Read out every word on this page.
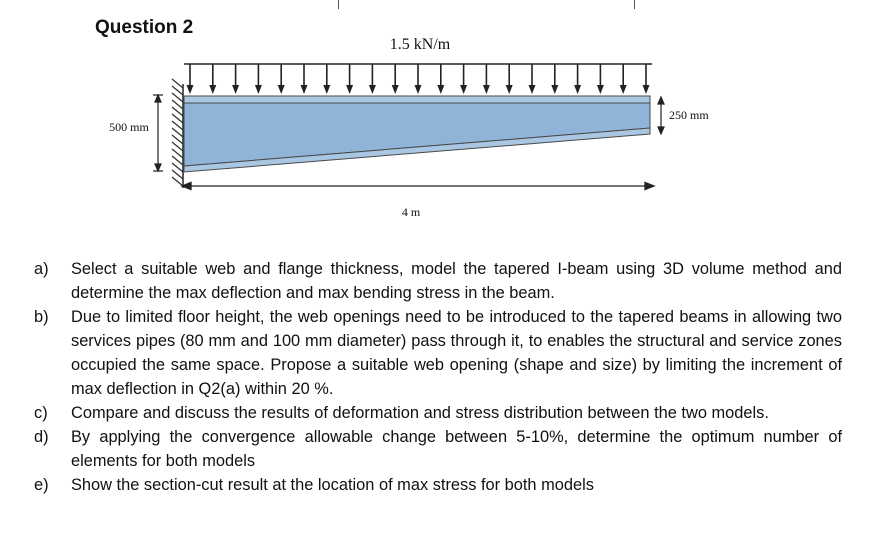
Question 2
1.5 kN/m
500 mm
250 mm
4 m
a)	Select a suitable web and flange thickness, model the tapered I-beam using 3D volume method and determine the max deflection and max bending stress in the beam.
b)	Due to limited floor height, the web openings need to be introduced to the tapered beams in allowing two services pipes (80 mm and 100 mm diameter) pass through it, to enables the structural and service zones occupied the same space. Propose a suitable web opening (shape and size) by limiting the increment of max deflection in Q2(a) within 20 %.
c)	Compare and discuss the results of deformation and stress distribution between the two models.
d)	By applying the convergence allowable change between 5-10%, determine the optimum number of elements for both models
e)	Show the section-cut result at the location of max stress for both models
